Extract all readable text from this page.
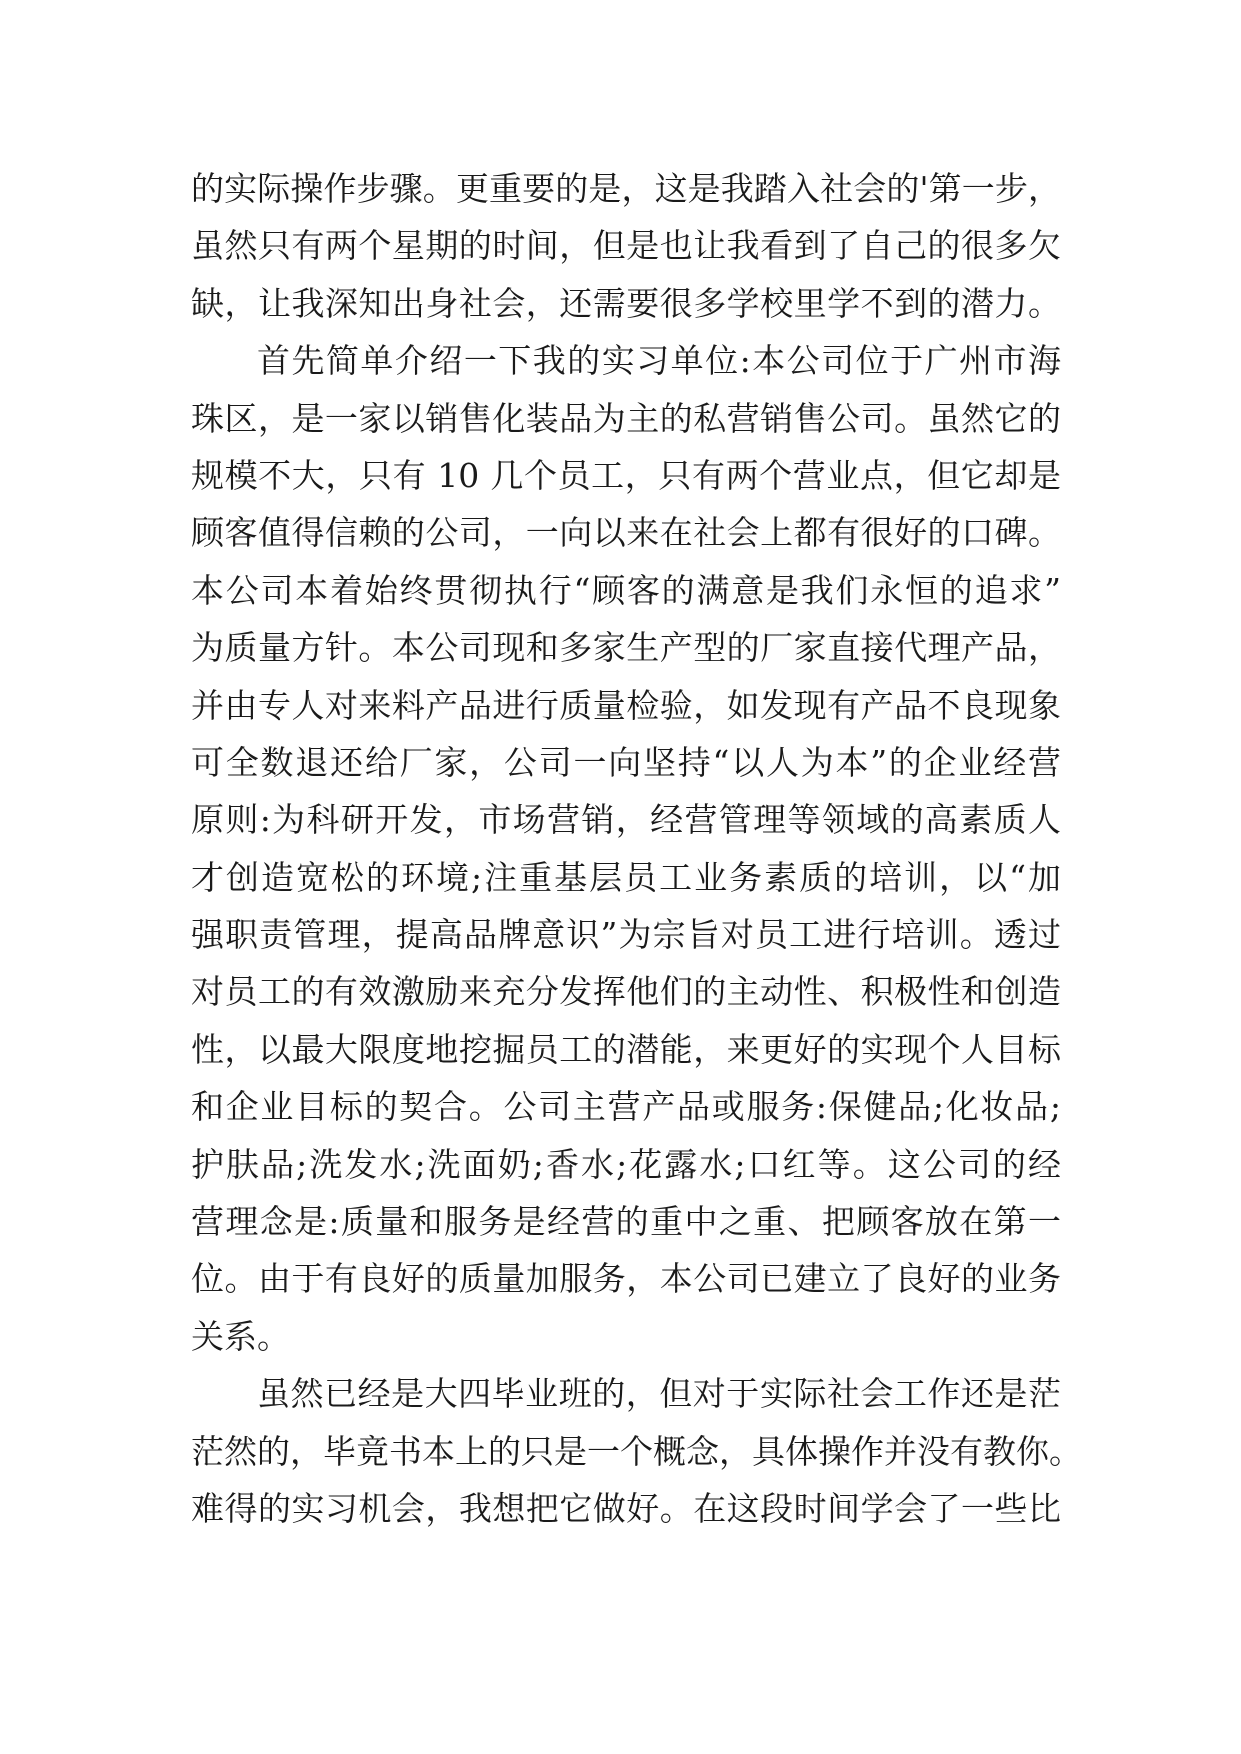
的实际操作步骤。更重要的是，这是我踏入社会的'第一步，
虽然只有两个星期的时间，但是也让我看到了自己的很多欠
缺，让我深知出身社会，还需要很多学校里学不到的潜力。
首先简单介绍一下我的实习单位:本公司位于广州市海
珠区，是一家以销售化装品为主的私营销售公司。虽然它的
规模不大，只有 10 几个员工，只有两个营业点，但它却是
顾客值得信赖的公司，一向以来在社会上都有很好的口碑。
本公司本着始终贯彻执行“顾客的满意是我们永恒的追求”
为质量方针。本公司现和多家生产型的厂家直接代理产品，
并由专人对来料产品进行质量检验，如发现有产品不良现象
可全数退还给厂家，公司一向坚持“以人为本”的企业经营
原则:为科研开发，市场营销，经营管理等领域的高素质人
才创造宽松的环境;注重基层员工业务素质的培训，以“加
强职责管理，提高品牌意识”为宗旨对员工进行培训。透过
对员工的有效激励来充分发挥他们的主动性、积极性和创造
性，以最大限度地挖掘员工的潜能，来更好的实现个人目标
和企业目标的契合。公司主营产品或服务:保健品;化妆品;
护肤品;洗发水;洗面奶;香水;花露水;口红等。这公司的经
营理念是:质量和服务是经营的重中之重、把顾客放在第一
位。由于有良好的质量加服务，本公司已建立了良好的业务
关系。
虽然已经是大四毕业班的，但对于实际社会工作还是茫
茫然的，毕竟书本上的只是一个概念，具体操作并没有教你。
难得的实习机会，我想把它做好。在这段时间学会了一些比
